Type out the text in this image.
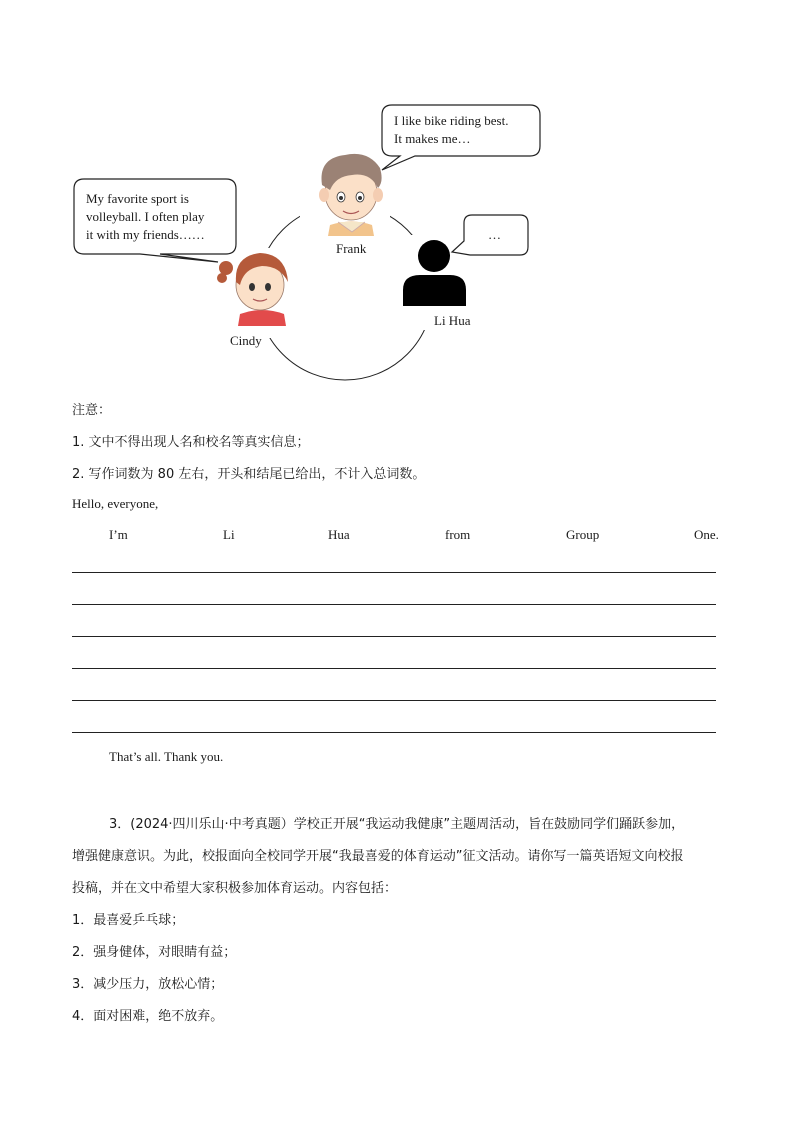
My favorite sport is
volleyball. I often play
it with my friends……
I like bike riding best.
It makes me…
…
Frank
Cindy
Li Hua
注意：
1. 文中不得出现人名和校名等真实信息；
2. 写作词数为 80 左右，开头和结尾已给出，不计入总词数。
Hello, everyone,
I’m	Li	Hua	from	Group	One.
That’s all. Thank you.
3．(2024·四川乐山·中考真题）学校正开展“我运动我健康”主题周活动，旨在鼓励同学们踊跃参加，
增强健康意识。为此，校报面向全校同学开展“我最喜爱的体育运动”征文活动。请你写一篇英语短文向校报
投稿，并在文中希望大家积极参加体育运动。内容包括：
1．最喜爱乒乓球；
2．强身健体，对眼睛有益；
3．减少压力，放松心情；
4．面对困难，绝不放弃。
